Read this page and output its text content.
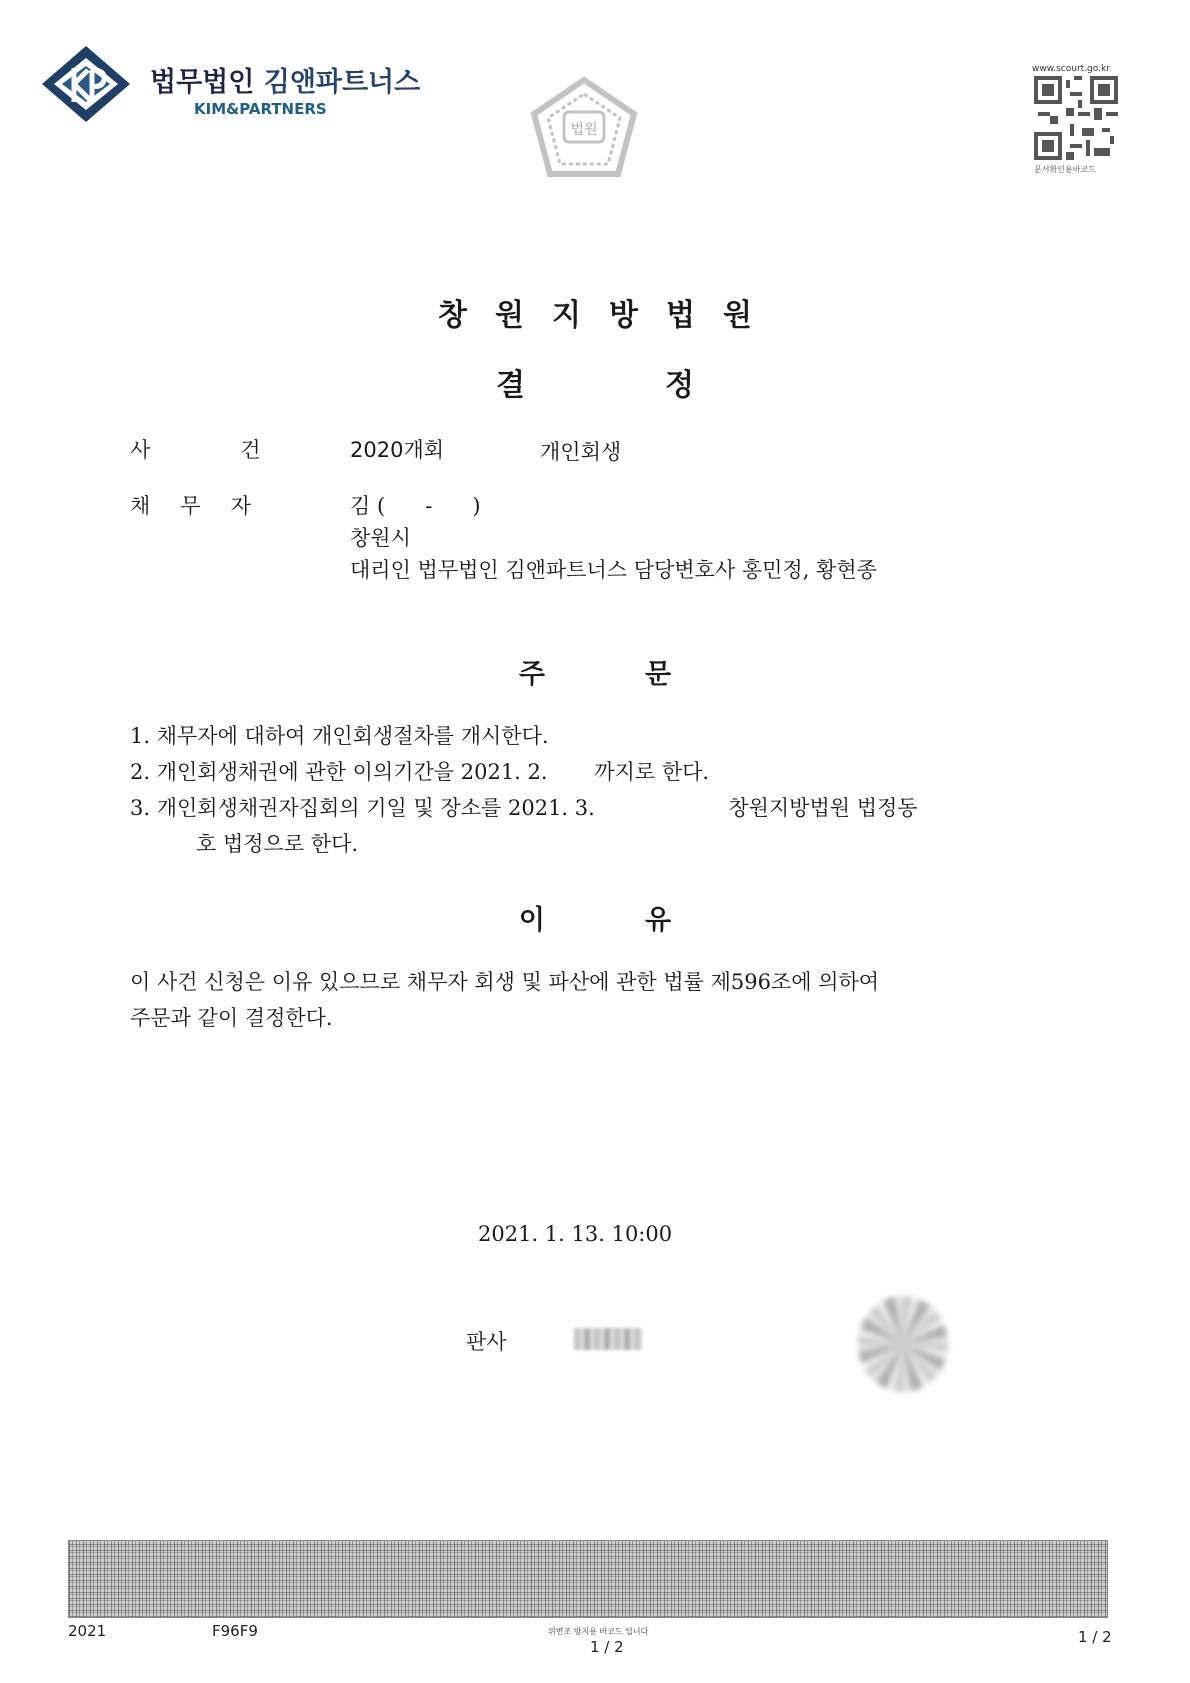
법무법인 김앤파트너스
KIM&PARTNERS
법원
www.scourt.go.kr
문서확인용바코드
창원지방법원
결정
사	건	2020개회	개인회생
채무자	김 (      -      )
창원시
대리인 법무법인 김앤파트너스 담당변호사 홍민정, 황현종
주문
1. 채무자에 대하여 개인회생절차를 개시한다.
2. 개인회생채권에 관한 이의기간을 2021. 2.       까지로 한다.
3. 개인회생채권자집회의 기일 및 장소를 2021. 3.                    창원지방법원 법정동
호 법정으로 한다.
이유
이 사건 신청은 이유 있으므로 채무자 회생 및 파산에 관한 법률 제596조에 의하여
주문과 같이 결정한다.
2021. 1. 13. 10:00
판사
2021	F96F9	위변조 방지용 바코드 입니다
1 / 2
1 / 2
